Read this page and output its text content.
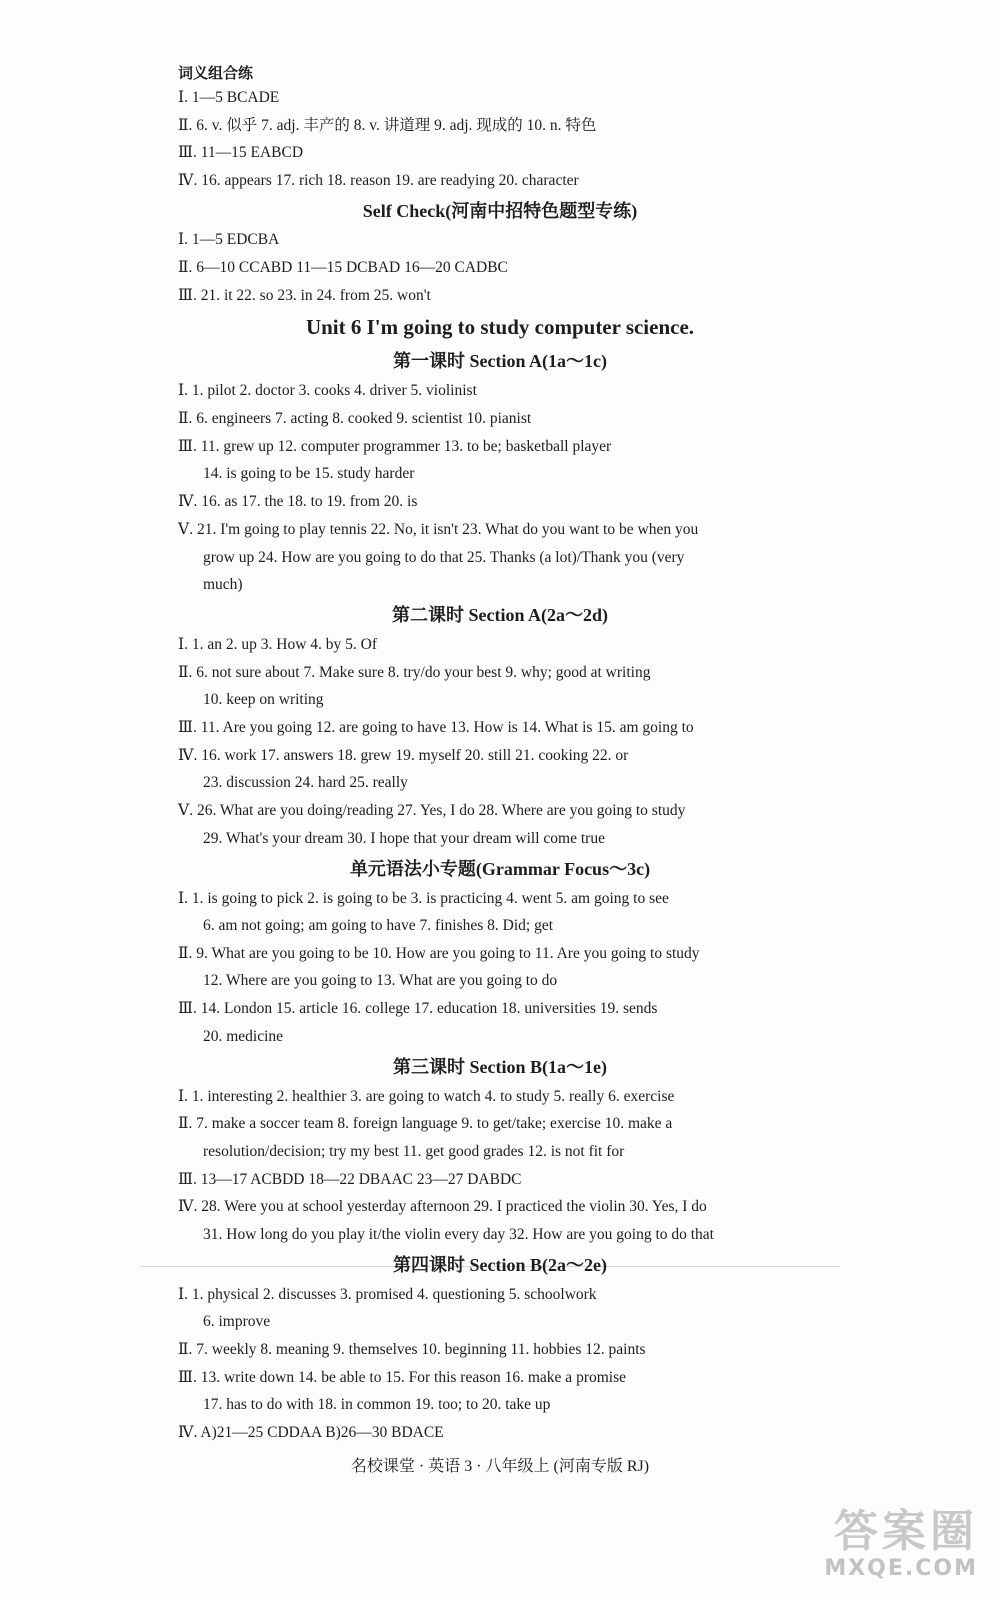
词义组合练
Ⅰ. 1—5 BCADE
Ⅱ. 6. v. 似乎 7. adj. 丰产的 8. v. 讲道理 9. adj. 现成的 10. n. 特色
Ⅲ. 11—15 EABCD
Ⅳ. 16. appears 17. rich 18. reason 19. are readying 20. character
Self Check(河南中招特色题型专练)
Ⅰ. 1—5 EDCBA
Ⅱ. 6—10 CCABD 11—15 DCBAD 16—20 CADBC
Ⅲ. 21. it 22. so 23. in 24. from 25. won't
Unit 6 I'm going to study computer science.
第一课时 Section A(1a～1c)
Ⅰ. 1. pilot 2. doctor 3. cooks 4. driver 5. violinist
Ⅱ. 6. engineers 7. acting 8. cooked 9. scientist 10. pianist
Ⅲ. 11. grew up 12. computer programmer 13. to be; basketball player
14. is going to be 15. study harder
Ⅳ. 16. as 17. the 18. to 19. from 20. is
Ⅴ. 21. I'm going to play tennis 22. No, it isn't 23. What do you want to be when you
grow up 24. How are you going to do that 25. Thanks (a lot)/Thank you (very
much)
第二课时 Section A(2a～2d)
Ⅰ. 1. an 2. up 3. How 4. by 5. Of
Ⅱ. 6. not sure about 7. Make sure 8. try/do your best 9. why; good at writing
10. keep on writing
Ⅲ. 11. Are you going 12. are going to have 13. How is 14. What is 15. am going to
Ⅳ. 16. work 17. answers 18. grew 19. myself 20. still 21. cooking 22. or
23. discussion 24. hard 25. really
Ⅴ. 26. What are you doing/reading 27. Yes, I do 28. Where are you going to study
29. What's your dream 30. I hope that your dream will come true
单元语法小专题(Grammar Focus～3c)
Ⅰ. 1. is going to pick 2. is going to be 3. is practicing 4. went 5. am going to see
6. am not going; am going to have 7. finishes 8. Did; get
Ⅱ. 9. What are you going to be 10. How are you going to 11. Are you going to study
12. Where are you going to 13. What are you going to do
Ⅲ. 14. London 15. article 16. college 17. education 18. universities 19. sends
20. medicine
第三课时 Section B(1a～1e)
Ⅰ. 1. interesting 2. healthier 3. are going to watch 4. to study 5. really 6. exercise
Ⅱ. 7. make a soccer team 8. foreign language 9. to get/take; exercise 10. make a
resolution/decision; try my best 11. get good grades 12. is not fit for
Ⅲ. 13—17 ACBDD 18—22 DBAAC 23—27 DABDC
Ⅳ. 28. Were you at school yesterday afternoon 29. I practiced the violin 30. Yes, I do
31. How long do you play it/the violin every day 32. How are you going to do that
第四课时 Section B(2a～2e)
Ⅰ. 1. physical 2. discusses 3. promised 4. questioning 5. schoolwork
6. improve
Ⅱ. 7. weekly 8. meaning 9. themselves 10. beginning 11. hobbies 12. paints
Ⅲ. 13. write down 14. be able to 15. For this reason 16. make a promise
17. has to do with 18. in common 19. too; to 20. take up
Ⅳ. A)21—25 CDDAA B)26—30 BDACE
名校课堂 · 英语 3 · 八年级上 (河南专版 RJ)
答案圈
MXQE.COM
